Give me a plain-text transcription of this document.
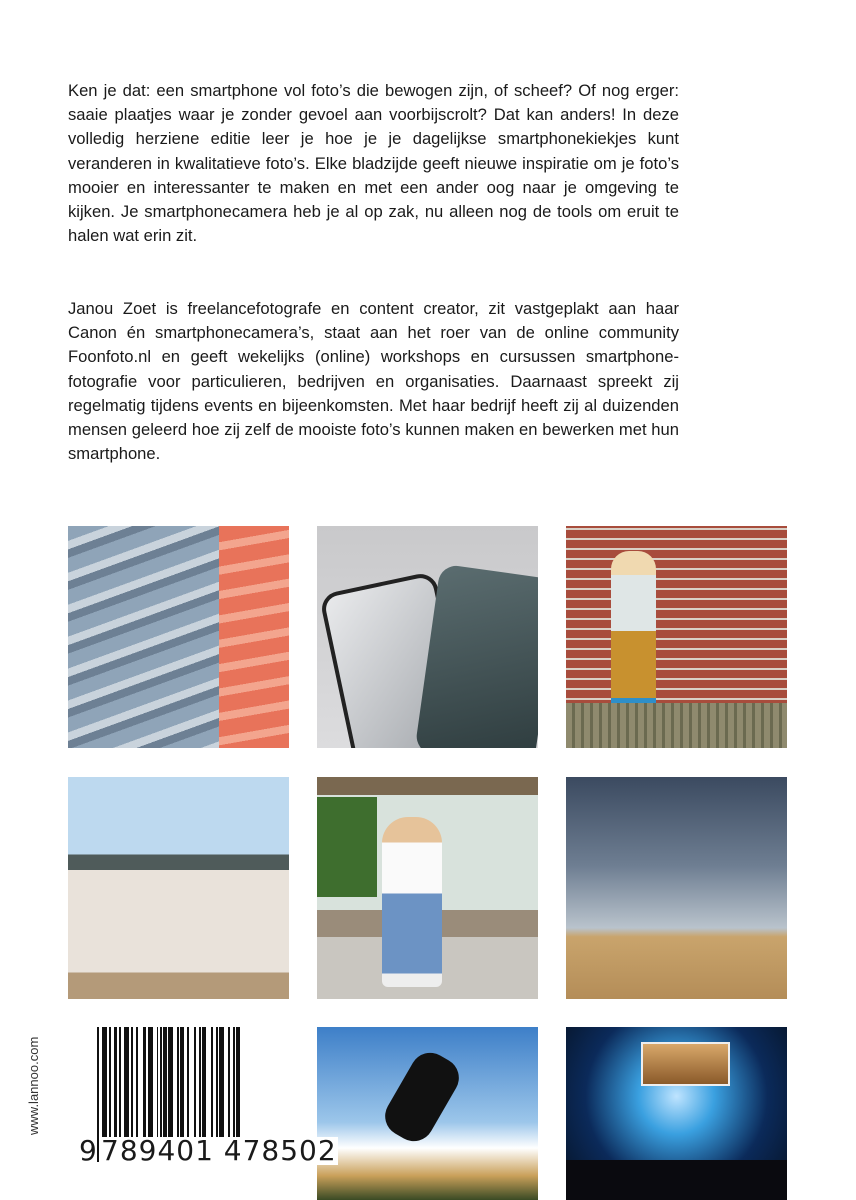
Ken je dat: een smartphone vol foto’s die bewogen zijn, of scheef? Of nog erger: saaie plaatjes waar je zonder gevoel aan voorbijscrolt? Dat kan anders! In deze volledig herziene editie leer je hoe je je dagelijkse smartphonekiekjes kunt veranderen in kwalitatieve foto’s. Elke bladzijde geeft nieuwe inspiratie om je foto’s mooier en interessanter te maken en met een ander oog naar je omgeving te kijken. Je smartphonecamera heb je al op zak, nu alleen nog de tools om eruit te halen wat erin zit.

Janou Zoet is freelancefotografe en content creator, zit vastgeplakt aan haar Canon én smartphonecamera’s, staat aan het roer van de online community Foonfoto.nl en geeft wekelijks (online) workshops en cursussen smartphonefotografie voor particulieren, bedrijven en organisaties. Daarnaast spreekt zij regelmatig tijdens events en bijeenkomsten. Met haar bedrijf heeft zij al duizenden mensen geleerd hoe zij zelf de mooiste foto’s kunnen maken en bewerken met hun smartphone.

9 789401 478502
www.lannoo.com
